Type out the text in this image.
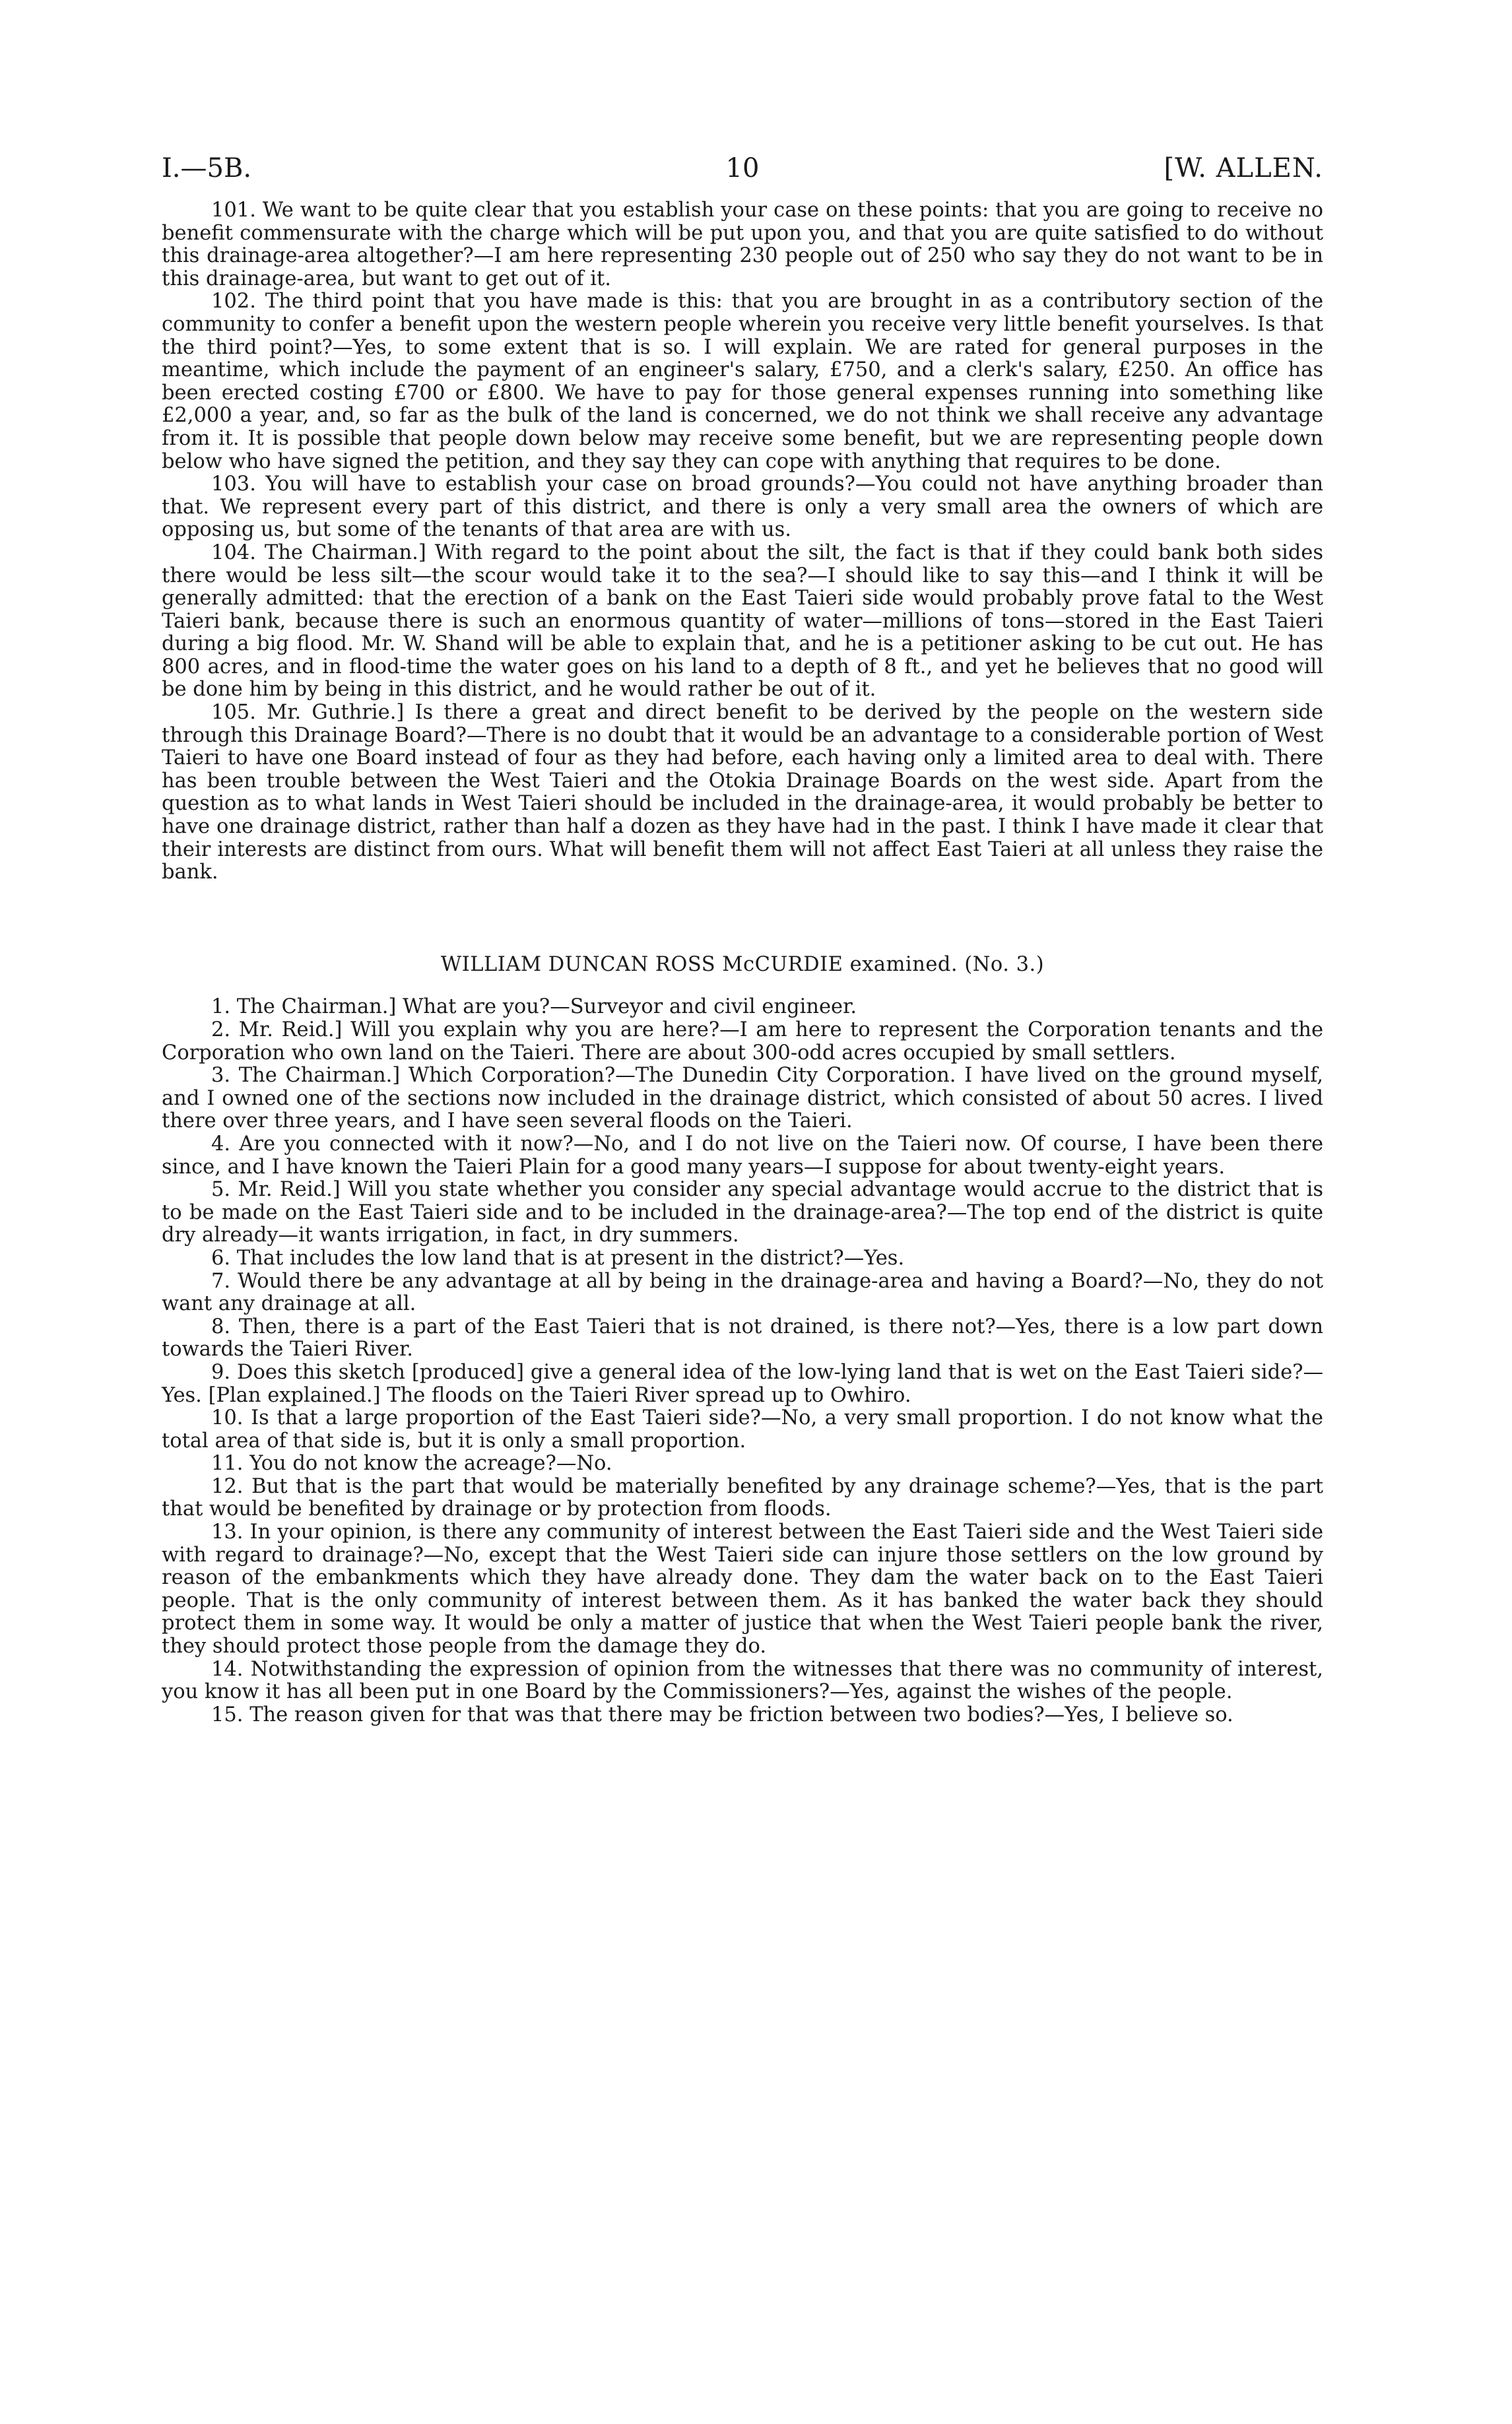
I.—5B.	10	[W. ALLEN.

101. We want to be quite clear that you establish your case on these points: that you are going to receive no benefit commensurate with the charge which will be put upon you, and that you are quite satisfied to do without this drainage-area altogether?—I am here representing 230 people out of 250 who say they do not want to be in this drainage-area, but want to get out of it.

102. The third point that you have made is this: that you are brought in as a contributory section of the community to confer a benefit upon the western people wherein you receive very little benefit yourselves. Is that the third point?—Yes, to some extent that is so. I will explain. We are rated for general purposes in the meantime, which include the payment of an engineer's salary, £750, and a clerk's salary, £250. An office has been erected costing £700 or £800. We have to pay for those general expenses running into something like £2,000 a year, and, so far as the bulk of the land is concerned, we do not think we shall receive any advantage from it. It is possible that people down below may receive some benefit, but we are representing people down below who have signed the petition, and they say they can cope with anything that requires to be done.

103. You will have to establish your case on broad grounds?—You could not have anything broader than that. We represent every part of this district, and there is only a very small area the owners of which are opposing us, but some of the tenants of that area are with us.

104. The Chairman.] With regard to the point about the silt, the fact is that if they could bank both sides there would be less silt—the scour would take it to the sea?—I should like to say this—and I think it will be generally admitted: that the erection of a bank on the East Taieri side would probably prove fatal to the West Taieri bank, because there is such an enormous quantity of water—millions of tons—stored in the East Taieri during a big flood. Mr. W. Shand will be able to explain that, and he is a petitioner asking to be cut out. He has 800 acres, and in flood-time the water goes on his land to a depth of 8 ft., and yet he believes that no good will be done him by being in this district, and he would rather be out of it.

105. Mr. Guthrie.] Is there a great and direct benefit to be derived by the people on the western side through this Drainage Board?—There is no doubt that it would be an advantage to a considerable portion of West Taieri to have one Board instead of four as they had before, each having only a limited area to deal with. There has been trouble between the West Taieri and the Otokia Drainage Boards on the west side. Apart from the question as to what lands in West Taieri should be included in the drainage-area, it would probably be better to have one drainage district, rather than half a dozen as they have had in the past. I think I have made it clear that their interests are distinct from ours. What will benefit them will not affect East Taieri at all unless they raise the bank.

WILLIAM DUNCAN ROSS McCURDIE examined. (No. 3.)

1. The Chairman.] What are you?—Surveyor and civil engineer.

2. Mr. Reid.] Will you explain why you are here?—I am here to represent the Corporation tenants and the Corporation who own land on the Taieri. There are about 300-odd acres occupied by small settlers.

3. The Chairman.] Which Corporation?—The Dunedin City Corporation. I have lived on the ground myself, and I owned one of the sections now included in the drainage district, which consisted of about 50 acres. I lived there over three years, and I have seen several floods on the Taieri.

4. Are you connected with it now?—No, and I do not live on the Taieri now. Of course, I have been there since, and I have known the Taieri Plain for a good many years—I suppose for about twenty-eight years.

5. Mr. Reid.] Will you state whether you consider any special advantage would accrue to the district that is to be made on the East Taieri side and to be included in the drainage-area?—The top end of the district is quite dry already—it wants irrigation, in fact, in dry summers.

6. That includes the low land that is at present in the district?—Yes.

7. Would there be any advantage at all by being in the drainage-area and having a Board?—No, they do not want any drainage at all.

8. Then, there is a part of the East Taieri that is not drained, is there not?—Yes, there is a low part down towards the Taieri River.

9. Does this sketch [produced] give a general idea of the low-lying land that is wet on the East Taieri side?—Yes. [Plan explained.] The floods on the Taieri River spread up to Owhiro.

10. Is that a large proportion of the East Taieri side?—No, a very small proportion. I do not know what the total area of that side is, but it is only a small proportion.

11. You do not know the acreage?—No.

12. But that is the part that would be materially benefited by any drainage scheme?—Yes, that is the part that would be benefited by drainage or by protection from floods.

13. In your opinion, is there any community of interest between the East Taieri side and the West Taieri side with regard to drainage?—No, except that the West Taieri side can injure those settlers on the low ground by reason of the embankments which they have already done. They dam the water back on to the East Taieri people. That is the only community of interest between them. As it has banked the water back they should protect them in some way. It would be only a matter of justice that when the West Taieri people bank the river, they should protect those people from the damage they do.

14. Notwithstanding the expression of opinion from the witnesses that there was no community of interest, you know it has all been put in one Board by the Commissioners?—Yes, against the wishes of the people.

15. The reason given for that was that there may be friction between two bodies?—Yes, I believe so.
